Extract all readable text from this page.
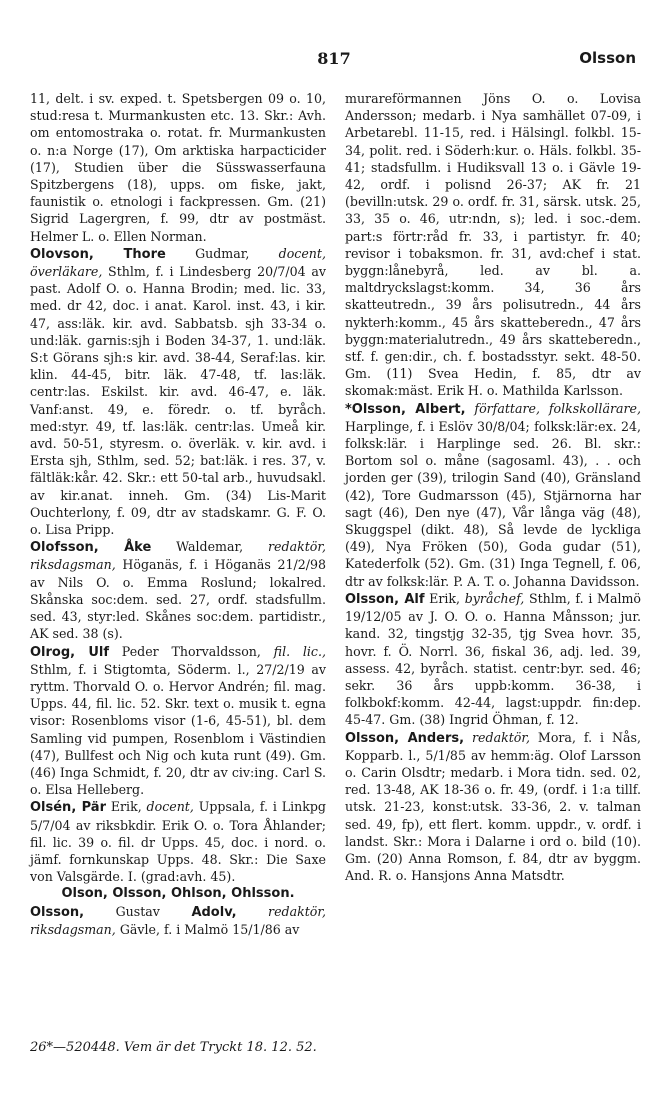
817	Olsson

11, delt. i sv. exped. t. Spetsbergen 09 o. 10, stud:resa t. Murmankusten etc. 13. Skr.: Avh. om entomostraka o. rotat. fr. Murmankusten o. n:a Norge (17), Om arktiska harpacticider (17), Studien über die Süsswasserfauna Spitzbergens (18), upps. om fiske, jakt, faunistik o. etnologi i fackpressen. Gm. (21) Sigrid Lagergren, f. 99, dtr av postmäst. Helmer L. o. Ellen Norman.

Olovson, Thore Gudmar, docent, överläkare, Sthlm, f. i Lindesberg 20/7/04 av past. Adolf O. o. Hanna Brodin; med. lic. 33, med. dr 42, doc. i anat. Karol. inst. 43, i kir. 47, ass:läk. kir. avd. Sabbatsb. sjh 33-34 o. und:läk. garnis:sjh i Boden 34-37, 1. und:läk. S:t Görans sjh:s kir. avd. 38-44, Seraf:las. kir. klin. 44-45, bitr. läk. 47-48, tf. las:läk. centr:las. Eskilst. kir. avd. 46-47, e. läk. Vanf:anst. 49, e. föredr. o. tf. byråch. med:styr. 49, tf. las:läk. centr:las. Umeå kir. avd. 50-51, styresm. o. överläk. v. kir. avd. i Ersta sjh, Sthlm, sed. 52; bat:läk. i res. 37, v. fältläk:kår. 42. Skr.: ett 50-tal arb., huvudsakl. av kir.anat. inneh. Gm. (34) Lis-Marit Ouchterlony, f. 09, dtr av stadskamr. G. F. O. o. Lisa Pripp.

Olofsson, Åke Waldemar, redaktör, riksdagsman, Höganäs, f. i Höganäs 21/2/98 av Nils O. o. Emma Roslund; lokalred. Skånska soc:dem. sed. 27, ordf. stadsfullm. sed. 43, styr:led. Skånes soc:dem. partidistr., AK sed. 38 (s).

Olrog, Ulf Peder Thorvaldsson, fil. lic., Sthlm, f. i Stigtomta, Söderm. l., 27/2/19 av ryttm. Thorvald O. o. Hervor Andrén; fil. mag. Upps. 44, fil. lic. 52. Skr. text o. musik t. egna visor: Rosenbloms visor (1-6, 45-51), bl. dem Samling vid pumpen, Rosenblom i Västindien (47), Bullfest och Nig och kuta runt (49). Gm. (46) Inga Schmidt, f. 20, dtr av civ:ing. Carl S. o. Elsa Helleberg.

Olsén, Pär Erik, docent, Uppsala, f. i Linkpg 5/7/04 av riksbkdir. Erik O. o. Tora Åhlander; fil. lic. 39 o. fil. dr Upps. 45, doc. i nord. o. jämf. fornkunskap Upps. 48. Skr.: Die Saxe von Valsgärde. I. (grad:avh. 45).

Olson, Olsson, Ohlson, Ohlsson.

Olsson, Gustav Adolv, redaktör, riksdagsman, Gävle, f. i Malmö 15/1/86 av

murareförmannen Jöns O. o. Lovisa Andersson; medarb. i Nya samhället 07-09, i Arbetarebl. 11-15, red. i Hälsingl. folkbl. 15-34, polit. red. i Söderh:kur. o. Häls. folkbl. 35-41; stadsfullm. i Hudiksvall 13 o. i Gävle 19-42, ordf. i polisnd 26-37; AK fr. 21 (bevilln:utsk. 29 o. ordf. fr. 31, särsk. utsk. 25, 33, 35 o. 46, utr:ndn, s); led. i soc.-dem. part:s förtr:råd fr. 33, i partistyr. fr. 40; revisor i tobaksmon. fr. 31, avd:chef i stat. byggn:lånebyrå, led. av bl. a. maltdryckslagst:komm. 34, 36 års skatteutredn., 39 års polisutredn., 44 års nykterh:komm., 45 års skatteberedn., 47 års byggn:materialutredn., 49 års skatteberedn., stf. f. gen:dir., ch. f. bostadsstyr. sekt. 48-50. Gm. (11) Svea Hedin, f. 85, dtr av skomak:mäst. Erik H. o. Mathilda Karlsson.

*Olsson, Albert, författare, folkskollärare, Harplinge, f. i Eslöv 30/8/04; folksk:lär:ex. 24, folksk:lär. i Harplinge sed. 26. Bl. skr.: Bortom sol o. måne (sagosaml. 43), . . och jorden ger (39), trilogin Sand (40), Gränsland (42), Tore Gudmarsson (45), Stjärnorna har sagt (46), Den nye (47), Vår långa väg (48), Skuggspel (dikt. 48), Så levde de lyckliga (49), Nya Fröken (50), Goda gudar (51), Katederfolk (52). Gm. (31) Inga Tegnell, f. 06, dtr av folksk:lär. P. A. T. o. Johanna Davidsson.

Olsson, Alf Erik, byråchef, Sthlm, f. i Malmö 19/12/05 av J. O. O. o. Hanna Månsson; jur. kand. 32, tingstjg 32-35, tjg Svea hovr. 35, hovr. f. Ö. Norrl. 36, fiskal 36, adj. led. 39, assess. 42, byråch. statist. centr:byr. sed. 46; sekr. 36 års uppb:komm. 36-38, i folkbokf:komm. 42-44, lagst:uppdr. fin:dep. 45-47. Gm. (38) Ingrid Öhman, f. 12.

Olsson, Anders, redaktör, Mora, f. i Nås, Kopparb. l., 5/1/85 av hemm:äg. Olof Larsson o. Carin Olsdtr; medarb. i Mora tidn. sed. 02, red. 13-48, AK 18-36 o. fr. 49, (ordf. i 1:a tillf. utsk. 21-23, konst:utsk. 33-36, 2. v. talman sed. 49, fp), ett flert. komm. uppdr., v. ordf. i landst. Skr.: Mora i Dalarne i ord o. bild (10). Gm. (20) Anna Romson, f. 84, dtr av byggm. And. R. o. Hansjons Anna Matsdtr.

26*—520448. Vem är det Tryckt 18. 12. 52.
